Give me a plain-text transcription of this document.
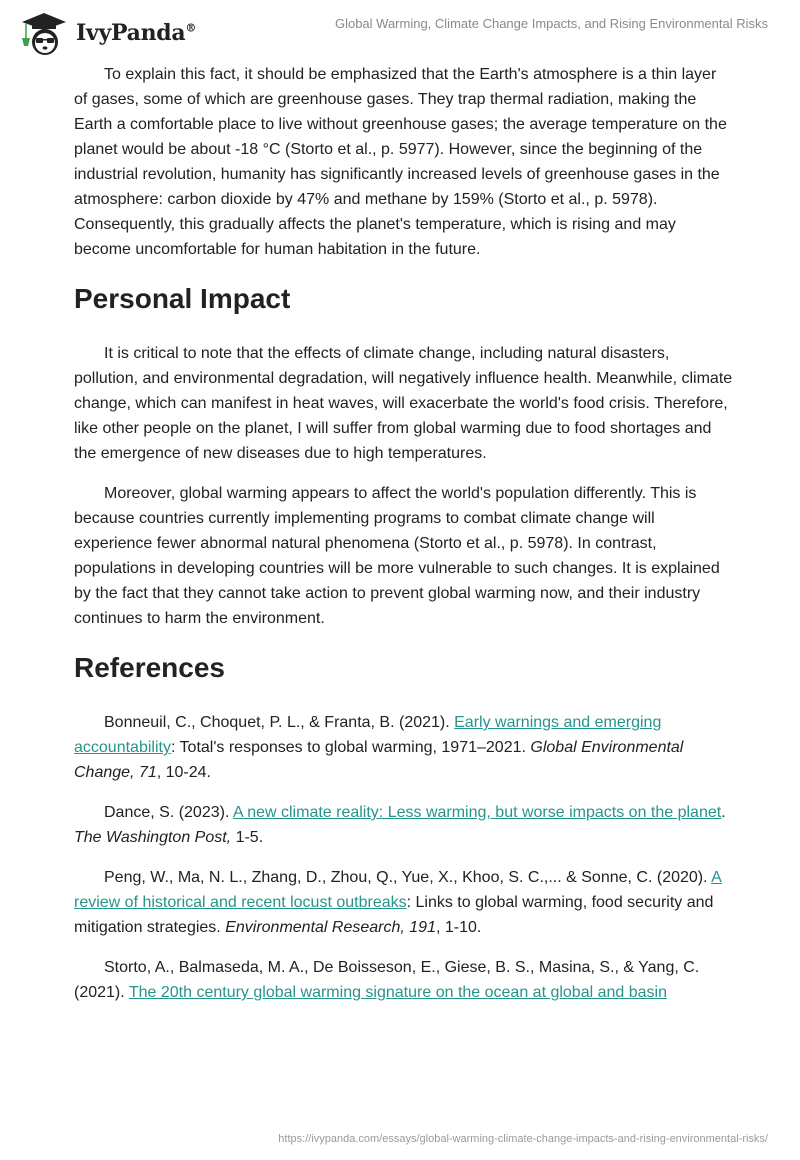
IvyPanda®	Global Warming, Climate Change Impacts, and Rising Environmental Risks

To explain this fact, it should be emphasized that the Earth's atmosphere is a thin layer of gases, some of which are greenhouse gases. They trap thermal radiation, making the Earth a comfortable place to live without greenhouse gases; the average temperature on the planet would be about -18 °C (Storto et al., p. 5977). However, since the beginning of the industrial revolution, humanity has significantly increased levels of greenhouse gases in the atmosphere: carbon dioxide by 47% and methane by 159% (Storto et al., p. 5978). Consequently, this gradually affects the planet's temperature, which is rising and may become uncomfortable for human habitation in the future.

Personal Impact

It is critical to note that the effects of climate change, including natural disasters, pollution, and environmental degradation, will negatively influence health. Meanwhile, climate change, which can manifest in heat waves, will exacerbate the world's food crisis. Therefore, like other people on the planet, I will suffer from global warming due to food shortages and the emergence of new diseases due to high temperatures.

Moreover, global warming appears to affect the world's population differently. This is because countries currently implementing programs to combat climate change will experience fewer abnormal natural phenomena (Storto et al., p. 5978). In contrast, populations in developing countries will be more vulnerable to such changes. It is explained by the fact that they cannot take action to prevent global warming now, and their industry continues to harm the environment.

References

Bonneuil, C., Choquet, P. L., & Franta, B. (2021). Early warnings and emerging accountability: Total's responses to global warming, 1971–2021. Global Environmental Change, 71, 10-24.

Dance, S. (2023). A new climate reality: Less warming, but worse impacts on the planet. The Washington Post, 1-5.

Peng, W., Ma, N. L., Zhang, D., Zhou, Q., Yue, X., Khoo, S. C.,... & Sonne, C. (2020). A review of historical and recent locust outbreaks: Links to global warming, food security and mitigation strategies. Environmental Research, 191, 1-10.

Storto, A., Balmaseda, M. A., De Boisseson, E., Giese, B. S., Masina, S., & Yang, C. (2021). The 20th century global warming signature on the ocean at global and basin

https://ivypanda.com/essays/global-warming-climate-change-impacts-and-rising-environmental-risks/
